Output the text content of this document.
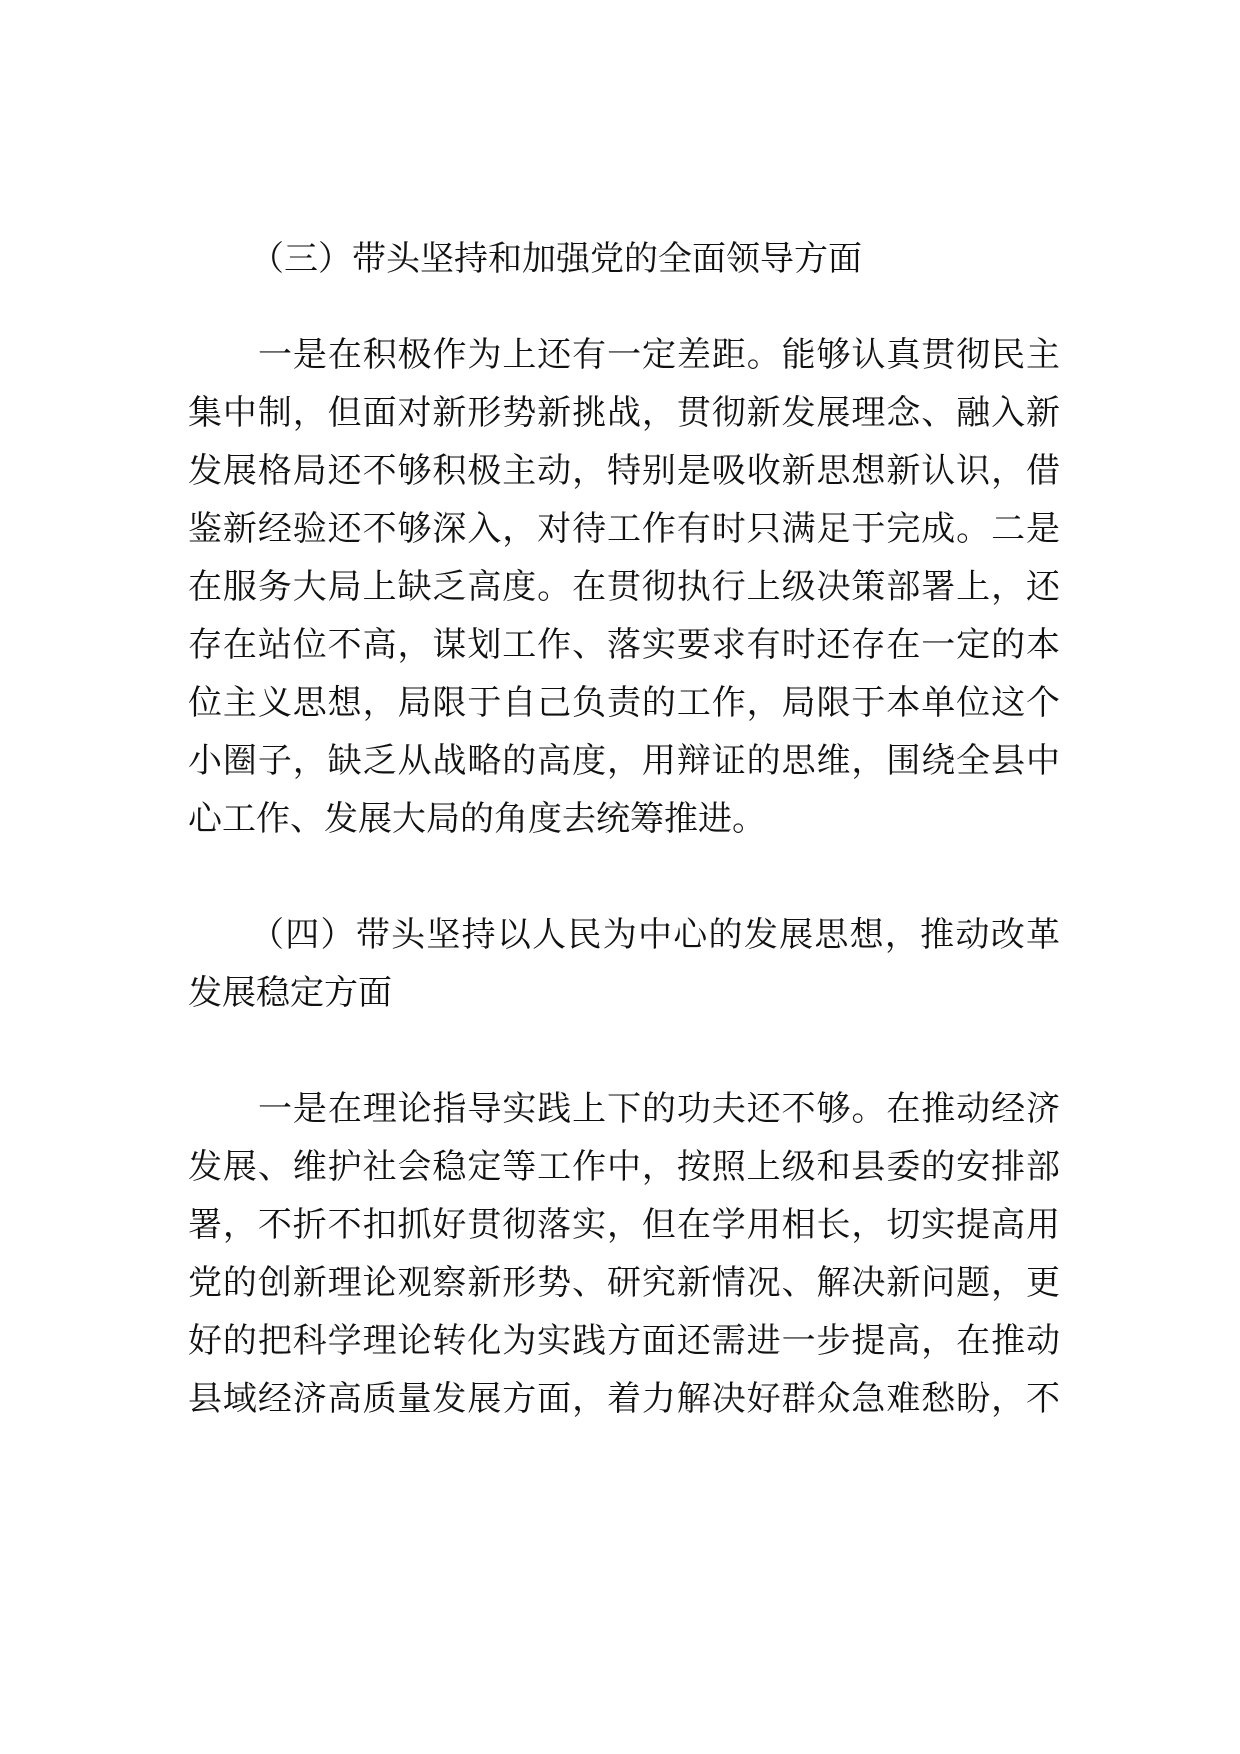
（三）带头坚持和加强党的全面领导方面
一是在积极作为上还有一定差距。能够认真贯彻民主
集中制，但面对新形势新挑战，贯彻新发展理念、融入新
发展格局还不够积极主动，特别是吸收新思想新认识，借
鉴新经验还不够深入，对待工作有时只满足于完成。二是
在服务大局上缺乏高度。在贯彻执行上级决策部署上，还
存在站位不高，谋划工作、落实要求有时还存在一定的本
位主义思想，局限于自己负责的工作，局限于本单位这个
小圈子，缺乏从战略的高度，用辩证的思维，围绕全县中
心工作、发展大局的角度去统筹推进。
（四）带头坚持以人民为中心的发展思想，推动改革
发展稳定方面
一是在理论指导实践上下的功夫还不够。在推动经济
发展、维护社会稳定等工作中，按照上级和县委的安排部
署，不折不扣抓好贯彻落实，但在学用相长，切实提高用
党的创新理论观察新形势、研究新情况、解决新问题，更
好的把科学理论转化为实践方面还需进一步提高，在推动
县域经济高质量发展方面，着力解决好群众急难愁盼，不
